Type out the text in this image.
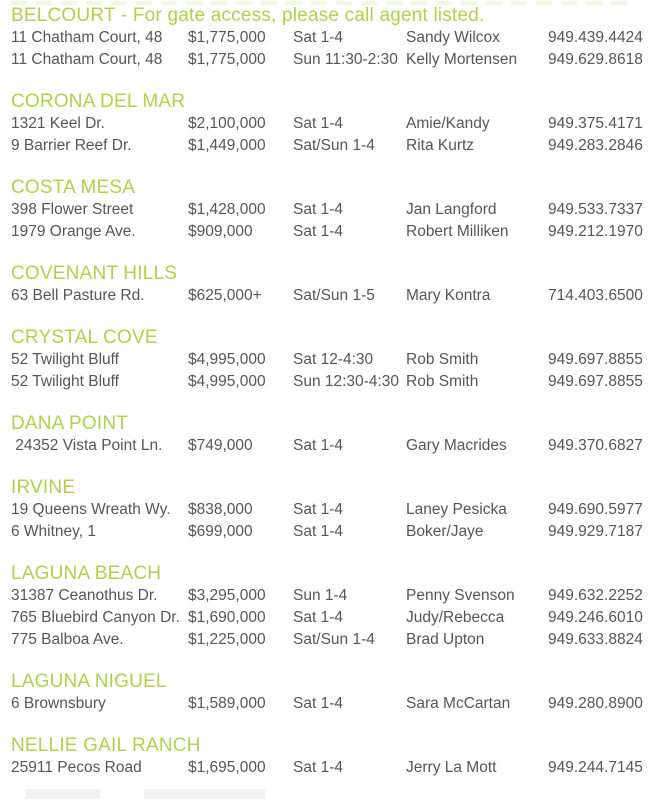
BELCOURT - For gate access, please call agent listed.
11 Chatham Court, 48	$1,775,000	Sat 1-4	Sandy Wilcox	949.439.4424
11 Chatham Court, 48	$1,775,000	Sun 11:30-2:30 Kelly Mortensen	949.629.8618
CORONA DEL MAR
1321 Keel Dr.	$2,100,000	Sat 1-4	Amie/Kandy	949.375.4171
9 Barrier Reef Dr.	$1,449,000	Sat/Sun 1-4	Rita Kurtz	949.283.2846
COSTA MESA
398 Flower Street	$1,428,000	Sat 1-4	Jan Langford	949.533.7337
1979 Orange Ave.	$909,000	Sat 1-4	Robert Milliken	949.212.1970
COVENANT HILLS
63 Bell Pasture Rd.	$625,000+	Sat/Sun 1-5	Mary Kontra	714.403.6500
CRYSTAL COVE
52 Twilight Bluff	$4,995,000	Sat 12-4:30	Rob Smith	949.697.8855
52 Twilight Bluff	$4,995,000	Sun 12:30-4:30 Rob Smith	949.697.8855
DANA POINT
24352 Vista Point Ln.	$749,000	Sat 1-4	Gary Macrides	949.370.6827
IRVINE
19 Queens Wreath Wy.	$838,000	Sat 1-4	Laney Pesicka	949.690.5977
6 Whitney, 1	$699,000	Sat 1-4	Boker/Jaye	949.929.7187
LAGUNA BEACH
31387 Ceanothus Dr.	$3,295,000	Sun 1-4	Penny Svenson	949.632.2252
765 Bluebird Canyon Dr. $1,690,000	Sat 1-4	Judy/Rebecca	949.246.6010
775 Balboa Ave.	$1,225,000	Sat/Sun 1-4	Brad Upton	949.633.8824
LAGUNA NIGUEL
6 Brownsbury	$1,589,000	Sat 1-4	Sara McCartan	949.280.8900
NELLIE GAIL RANCH
25911 Pecos Road	$1,695,000	Sat 1-4	Jerry La Mott	949.244.7145
